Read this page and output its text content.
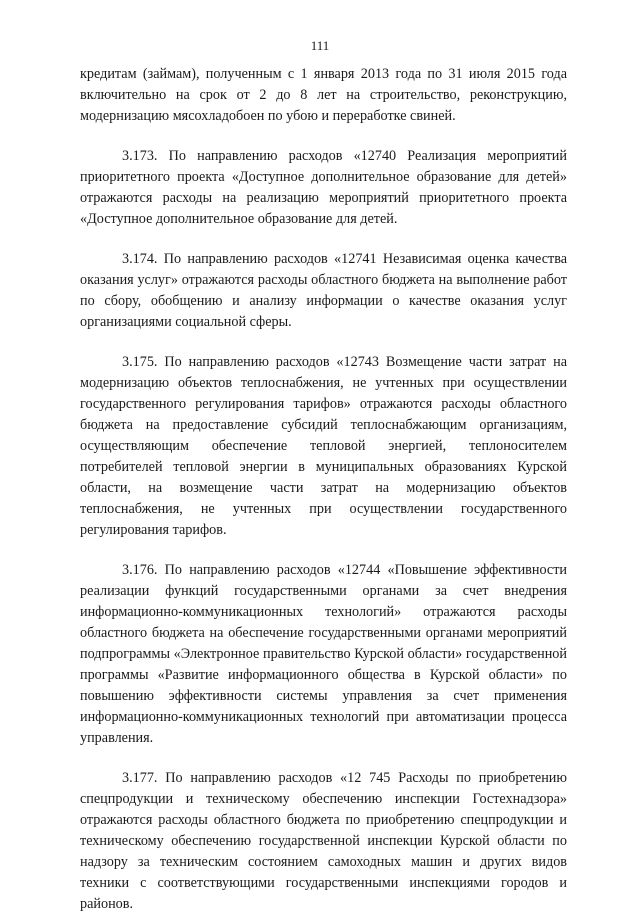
111

кредитам (займам), полученным с 1 января 2013 года по 31 июля 2015 года включительно на срок от 2 до 8 лет на строительство, реконструкцию, модернизацию мясохладобоен по убою и переработке свиней.

3.173. По направлению расходов «12740 Реализация мероприятий приоритетного проекта «Доступное дополнительное образование для детей» отражаются расходы на реализацию мероприятий приоритетного проекта «Доступное дополнительное образование для детей.

3.174. По направлению расходов «12741 Независимая оценка качества оказания услуг» отражаются расходы областного бюджета на выполнение работ по сбору, обобщению и анализу информации о качестве оказания услуг организациями социальной сферы.

3.175. По направлению расходов «12743 Возмещение части затрат на модернизацию объектов теплоснабжения, не учтенных при осуществлении государственного регулирования тарифов» отражаются расходы областного бюджета на предоставление субсидий теплоснабжающим организациям, осуществляющим обеспечение тепловой энергией, теплоносителем потребителей тепловой энергии в муниципальных образованиях Курской области, на возмещение части затрат на модернизацию объектов теплоснабжения, не учтенных при осуществлении государственного регулирования тарифов.

3.176. По направлению расходов «12744 «Повышение эффективности реализации функций государственными органами за счет внедрения информационно-коммуникационных технологий» отражаются расходы областного бюджета на обеспечение государственными органами мероприятий подпрограммы «Электронное правительство Курской области» государственной программы «Развитие информационного общества в Курской области» по повышению эффективности системы управления за счет применения информационно-коммуникационных технологий при автоматизации процесса управления.

3.177. По направлению расходов «12 745 Расходы по приобретению спецпродукции и техническому обеспечению инспекции Гостехнадзора» отражаются расходы областного бюджета по приобретению спецпродукции и техническому обеспечению государственной инспекции Курской области по надзору за техническим состоянием самоходных машин и других видов техники с соответствующими государственными инспекциями городов и районов.
